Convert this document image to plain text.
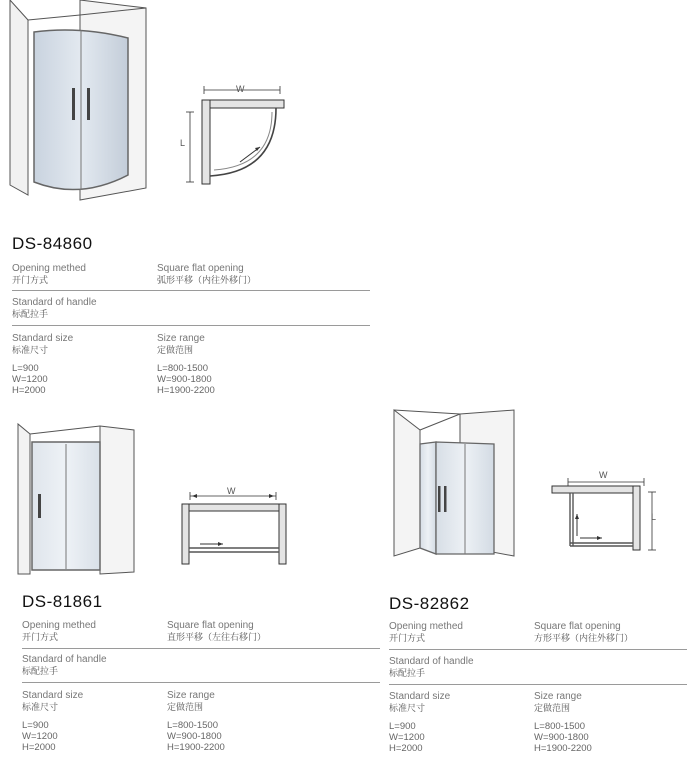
W
L
DS-84860
Opening methed
开门方式
Square flat opening
弧形平移（内往外移门）
Standard of handle
标配拉手
Standard size
标准尺寸
Size range
定做范围
L=900
W=1200
H=2000
L=800-1500
W=900-1800
H=1900-2200
W
DS-81861
Opening methed
开门方式
Square flat opening
直形平移（左往右移门）
Standard of handle
标配拉手
Standard size
标准尺寸
Size range
定做范围
L=900
W=1200
H=2000
L=800-1500
W=900-1800
H=1900-2200
W
L
DS-82862
Opening methed
开门方式
Square flat opening
方形平移（内往外移门）
Standard of handle
标配拉手
Standard size
标准尺寸
Size range
定做范围
L=900
W=1200
H=2000
L=800-1500
W=900-1800
H=1900-2200
